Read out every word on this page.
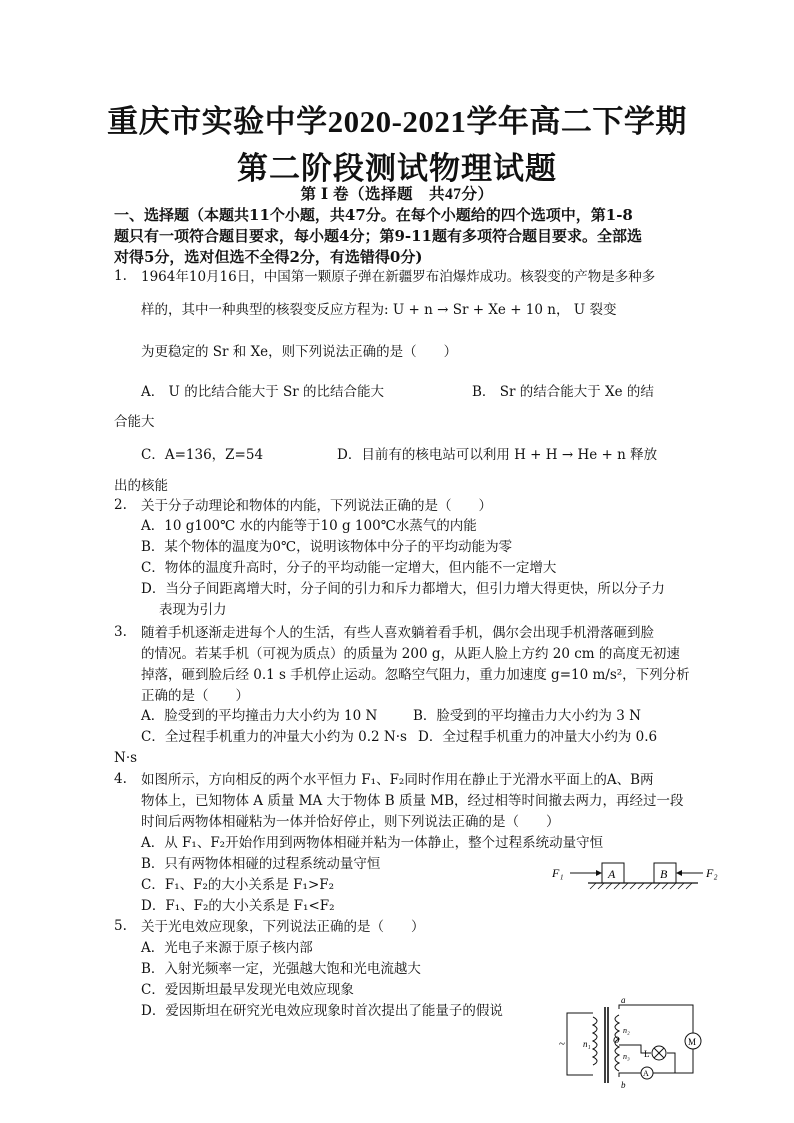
重庆市实验中学2020-2021学年高二下学期
第二阶段测试物理试题
第 Ⅰ 卷（选择题　共47分）
一、选择题（本题共11个小题，共47分。在每个小题给的四个选项中，第1-8
题只有一项符合题目要求，每小题4分；第9-11题有多项符合题目要求。全部选
对得5分，选对但选不全得2分，有选错得0分)
1. 1964年10月16日，中国第一颗原子弹在新疆罗布泊爆炸成功。核裂变的产物是多种多
样的，其中一种典型的核裂变反应方程为: U + n → Sr + Xe + 10 n， U 裂变
为更稳定的 Sr 和 Xe，则下列说法正确的是（　　）
A． U 的比结合能大于 Sr 的比结合能大	B． Sr 的结合能大于 Xe 的结
合能大
C．A=136，Z=54	D．目前有的核电站可以利用 H + H → He + n 释放
出的核能
2. 关于分子动理论和物体的内能，下列说法正确的是（　　）
A．10 g100℃ 水的内能等于10 g 100℃水蒸气的内能
B．某个物体的温度为0℃，说明该物体中分子的平均动能为零
C．物体的温度升高时，分子的平均动能一定增大，但内能不一定增大
D．当分子间距离增大时，分子间的引力和斥力都增大，但引力增大得更快，所以分子力
表现为引力
3. 随着手机逐渐走进每个人的生活，有些人喜欢躺着看手机，偶尔会出现手机滑落砸到脸
的情况。若某手机（可视为质点）的质量为 200 g，从距人脸上方约 20 cm 的高度无初速
掉落，砸到脸后经 0.1 s 手机停止运动。忽略空气阻力，重力加速度 g=10 m/s²，下列分析
正确的是（　　）
A．脸受到的平均撞击力大小约为 10 N	B．脸受到的平均撞击力大小约为 3 N
C．全过程手机重力的冲量大小约为 0.2 N·s D．全过程手机重力的冲量大小约为 0.6
N·s
4. 如图所示，方向相反的两个水平恒力 F₁、F₂同时作用在静止于光滑水平面上的A、B两
物体上，已知物体 A 质量 MA 大于物体 B 质量 MB，经过相等时间撤去两力，再经过一段
时间后两物体相碰粘为一体并恰好停止，则下列说法正确的是（　　）
A．从 F₁、F₂开始作用到两物体相碰并粘为一体静止，整个过程系统动量守恒
B．只有两物体相碰的过程系统动量守恒
C．F₁、F₂的大小关系是 F₁>F₂
D．F₁、F₂的大小关系是 F₁<F₂
F₁	A	B	F₂
5. 关于光电效应现象，下列说法正确的是（　　）
A．光电子来源于原子核内部
B．入射光频率一定，光强越大饱和光电流越大
C．爱因斯坦最早发现光电效应现象
D．爱因斯坦在研究光电效应现象时首次提出了能量子的假说
~ n₁
a
b
n₂
O
n₃ L
M
A
